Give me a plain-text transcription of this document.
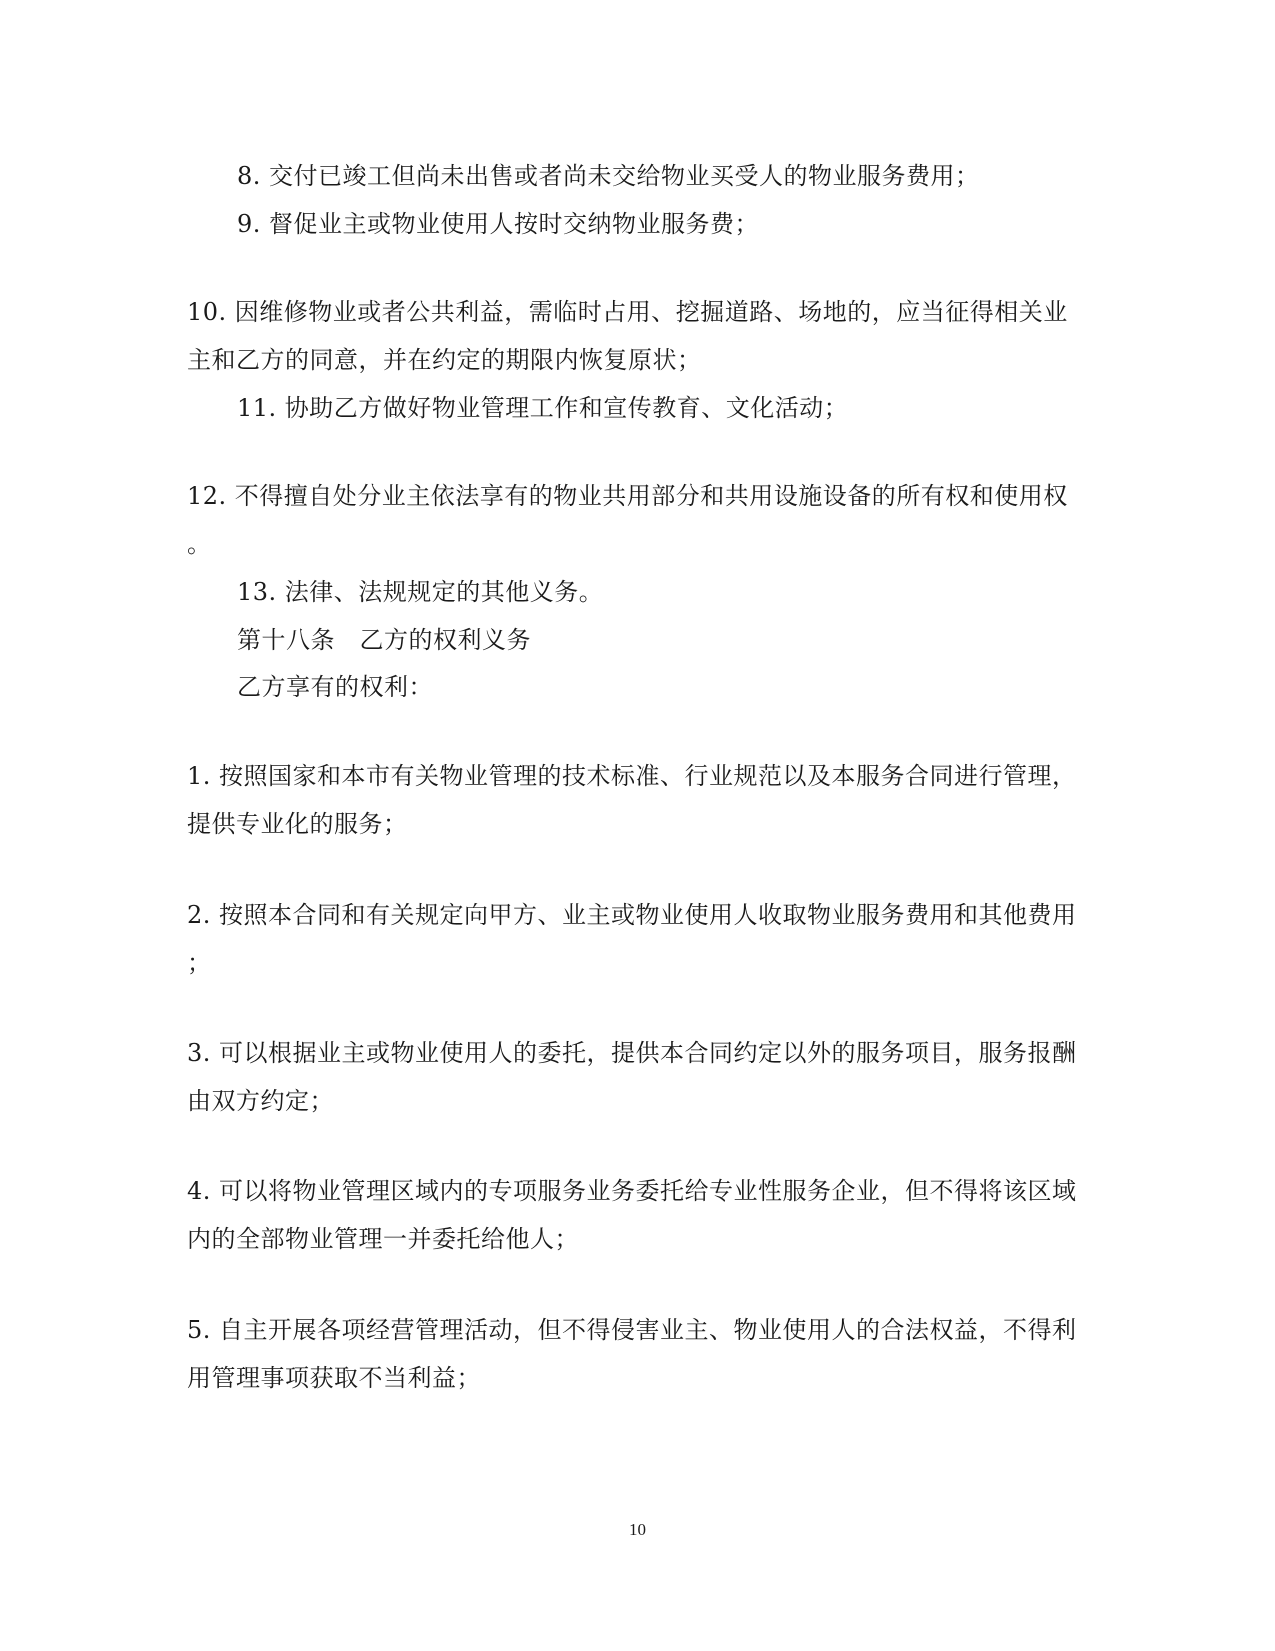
8. 交付已竣工但尚未出售或者尚未交给物业买受人的物业服务费用；

9. 督促业主或物业使用人按时交纳物业服务费；

10. 因维修物业或者公共利益，需临时占用、挖掘道路、场地的，应当征得相关业

主和乙方的同意，并在约定的期限内恢复原状；

11. 协助乙方做好物业管理工作和宣传教育、文化活动；

12. 不得擅自处分业主依法享有的物业共用部分和共用设施设备的所有权和使用权

。

13. 法律、法规规定的其他义务。

第十八条　乙方的权利义务

乙方享有的权利：

1. 按照国家和本市有关物业管理的技术标准、行业规范以及本服务合同进行管理，

提供专业化的服务；

2. 按照本合同和有关规定向甲方、业主或物业使用人收取物业服务费用和其他费用

；

3. 可以根据业主或物业使用人的委托，提供本合同约定以外的服务项目，服务报酬

由双方约定；

4. 可以将物业管理区域内的专项服务业务委托给专业性服务企业，但不得将该区域

内的全部物业管理一并委托给他人；

5. 自主开展各项经营管理活动，但不得侵害业主、物业使用人的合法权益，不得利

用管理事项获取不当利益；

10
